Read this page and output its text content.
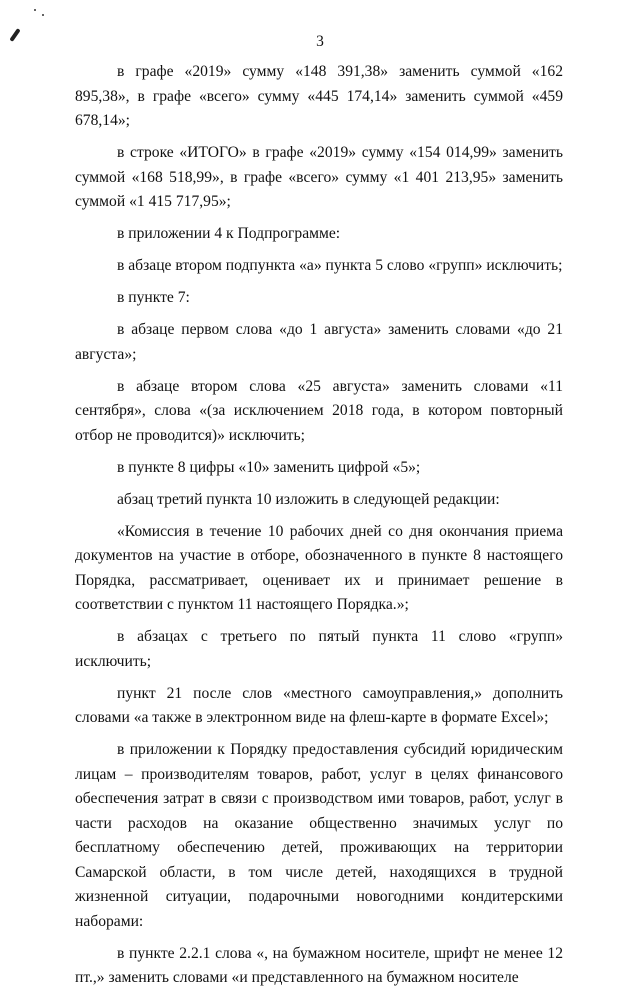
3

в графе «2019» сумму «148 391,38» заменить суммой «162 895,38», в графе «всего» сумму «445 174,14» заменить суммой «459 678,14»;

в строке «ИТОГО» в графе «2019» сумму «154 014,99» заменить суммой «168 518,99», в графе «всего» сумму «1 401 213,95» заменить суммой «1 415 717,95»;

в приложении 4 к Подпрограмме:

в абзаце втором подпункта «а» пункта 5 слово «групп» исключить;

в пункте 7:

в абзаце первом слова «до 1 августа» заменить словами «до 21 августа»;

в абзаце втором слова «25 августа» заменить словами «11 сентября», слова «(за исключением 2018 года, в котором повторный отбор не проводится)» исключить;

в пункте 8 цифры «10» заменить цифрой «5»;

абзац третий пункта 10 изложить в следующей редакции:

«Комиссия в течение 10 рабочих дней со дня окончания приема документов на участие в отборе, обозначенного в пункте 8 настоящего Порядка, рассматривает, оценивает их и принимает решение в соответствии с пунктом 11 настоящего Порядка.»;

в абзацах с третьего по пятый пункта 11 слово «групп» исключить;

пункт 21 после слов «местного самоуправления,» дополнить словами «а также в электронном виде на флеш-карте в формате Excel»;

в приложении к Порядку предоставления субсидий юридическим лицам – производителям товаров, работ, услуг в целях финансового обеспечения затрат в связи с производством ими товаров, работ, услуг в части расходов на оказание общественно значимых услуг по бесплатному обеспечению детей, проживающих на территории Самарской области, в том числе детей, находящихся в трудной жизненной ситуации, подарочными новогодними кондитерскими наборами:

в пункте 2.2.1 слова «, на бумажном носителе, шрифт не менее 12 пт.,» заменить словами «и представленного на бумажном носителе
